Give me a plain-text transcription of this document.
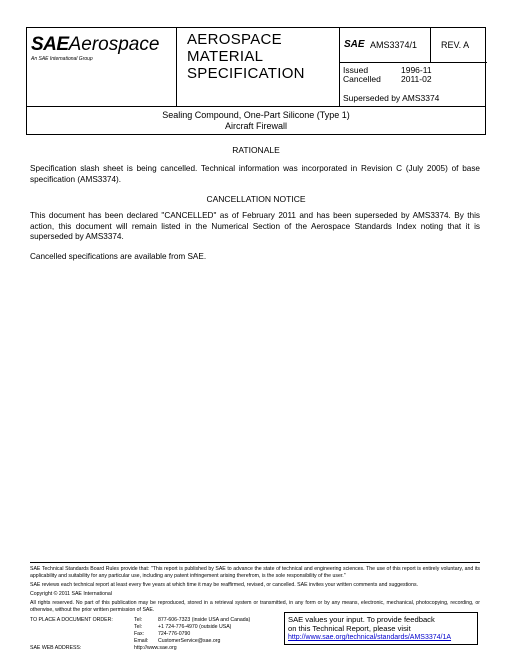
SAEAerospace
An SAE International Group
AEROSPACE
MATERIAL
SPECIFICATION
SAE AMS3374/1	REV. A
Issued	1996-11
Cancelled 2011-02
Superseded by AMS3374
Sealing Compound, One-Part Silicone (Type 1)
Aircraft Firewall
RATIONALE
Specification slash sheet is being cancelled. Technical information was incorporated in Revision C (July 2005) of base specification (AMS3374).
CANCELLATION NOTICE
This document has been declared "CANCELLED" as of February 2011 and has been superseded by AMS3374. By this action, this document will remain listed in the Numerical Section of the Aerospace Standards Index noting that it is superseded by AMS3374.
Cancelled specifications are available from SAE.
SAE Technical Standards Board Rules provide that: "This report is published by SAE to advance the state of technical and engineering sciences. The use of this report is entirely voluntary, and its applicability and suitability for any particular use, including any patent infringement arising therefrom, is the sole responsibility of the user."
SAE reviews each technical report at least every five years at which time it may be reaffirmed, revised, or cancelled. SAE invites your written comments and suggestions.
Copyright © 2011 SAE International
All rights reserved. No part of this publication may be reproduced, stored in a retrieval system or transmitted, in any form or by any means, electronic, mechanical, photocopying, recording, or otherwise, without the prior written permission of SAE.
TO PLACE A DOCUMENT ORDER:	Tel:	877-606-7323 (inside USA and Canada)
Tel:	+1 724-776-4970 (outside USA)
Fax:	724-776-0790
Email: CustomerService@sae.org
SAE WEB ADDRESS:	http://www.sae.org
SAE values your input. To provide feedback
on this Technical Report, please visit
http://www.sae.org/technical/standards/AMS3374/1A
